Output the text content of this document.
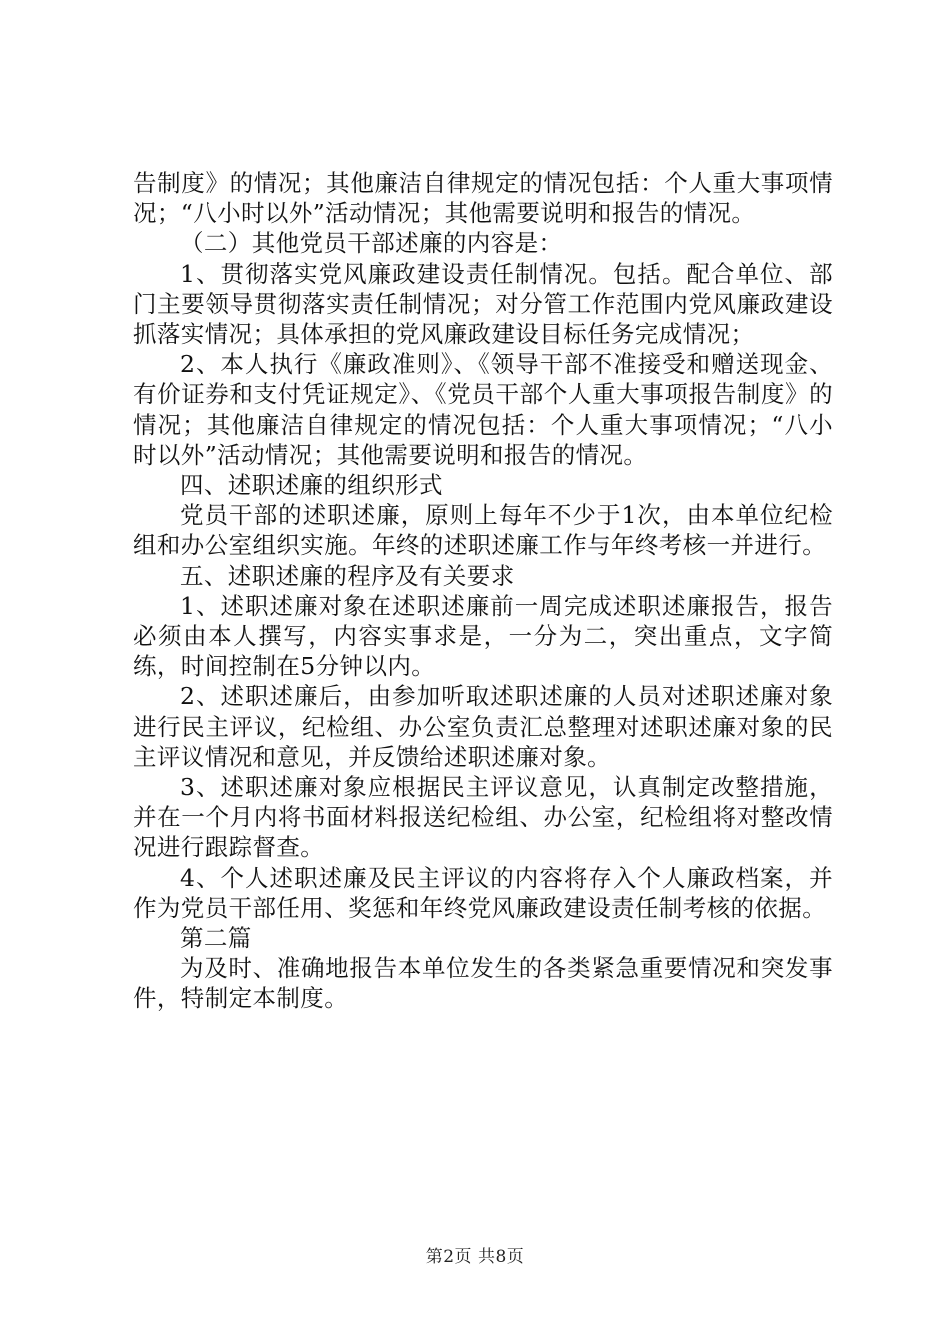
告制度》的情况；其他廉洁自律规定的情况包括：个人重大事项情况；“八小时以外”活动情况；其他需要说明和报告的情况。

（二）其他党员干部述廉的内容是：

1、贯彻落实党风廉政建设责任制情况。包括。配合单位、部门主要领导贯彻落实责任制情况；对分管工作范围内党风廉政建设抓落实情况；具体承担的党风廉政建设目标任务完成情况；

2、本人执行《廉政准则》、《领导干部不准接受和赠送现金、有价证券和支付凭证规定》、《党员干部个人重大事项报告制度》的情况；其他廉洁自律规定的情况包括：个人重大事项情况；“八小时以外”活动情况；其他需要说明和报告的情况。

四、述职述廉的组织形式

党员干部的述职述廉，原则上每年不少于1次，由本单位纪检组和办公室组织实施。年终的述职述廉工作与年终考核一并进行。

五、述职述廉的程序及有关要求

1、述职述廉对象在述职述廉前一周完成述职述廉报告，报告必须由本人撰写，内容实事求是，一分为二，突出重点，文字简练，时间控制在5分钟以内。

2、述职述廉后，由参加听取述职述廉的人员对述职述廉对象进行民主评议，纪检组、办公室负责汇总整理对述职述廉对象的民主评议情况和意见，并反馈给述职述廉对象。

3、述职述廉对象应根据民主评议意见，认真制定改整措施，并在一个月内将书面材料报送纪检组、办公室，纪检组将对整改情况进行跟踪督查。

4、个人述职述廉及民主评议的内容将存入个人廉政档案，并作为党员干部任用、奖惩和年终党风廉政建设责任制考核的依据。

第二篇

为及时、准确地报告本单位发生的各类紧急重要情况和突发事件，特制定本制度。

第2页 共8页
